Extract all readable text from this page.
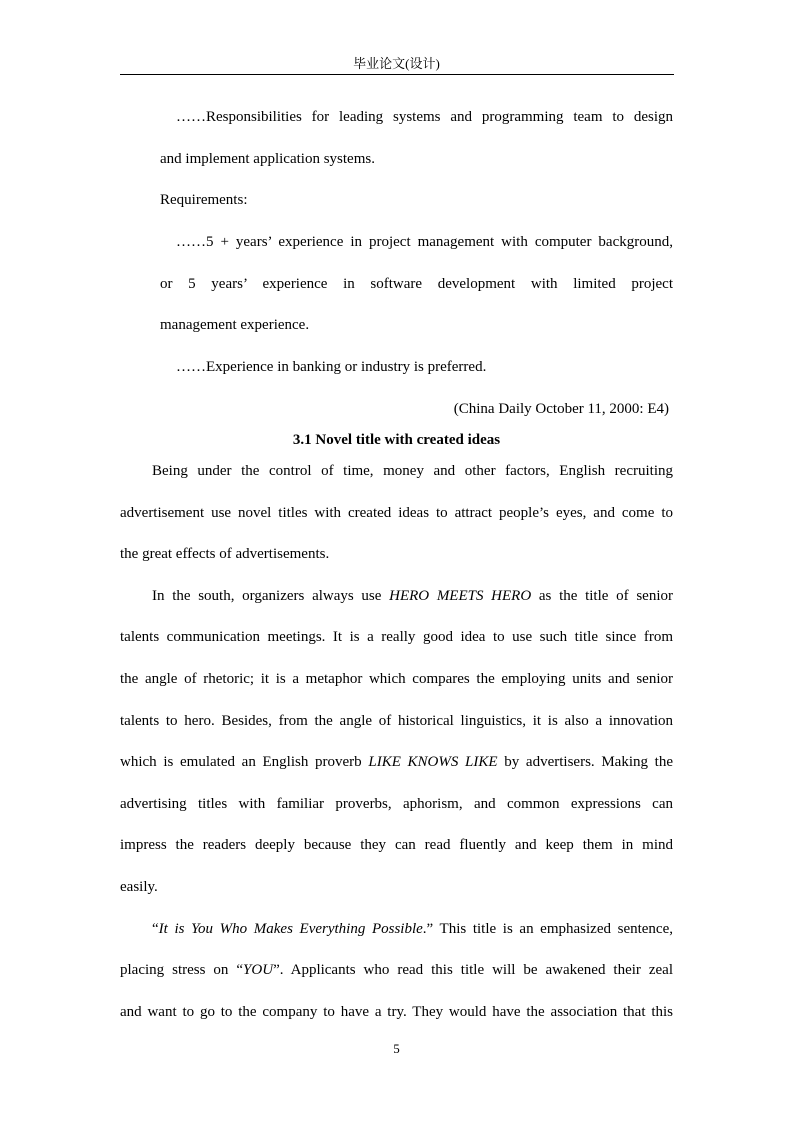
毕业论文(设计)
……Responsibilities for leading systems and programming team to design
and implement application systems.
Requirements:
……5 + years’ experience in project management with computer background,
or 5 years’ experience in software development with limited project
management experience.
……Experience in banking or industry is preferred.
(China Daily October 11, 2000: E4)
3.1 Novel title with created ideas
Being under the control of time, money and other factors, English recruiting
advertisement use novel titles with created ideas to attract people’s eyes, and come to
the great effects of advertisements.
In the south, organizers always use HERO MEETS HERO as the title of senior
talents communication meetings. It is a really good idea to use such title since from
the angle of rhetoric; it is a metaphor which compares the employing units and senior
talents to hero. Besides, from the angle of historical linguistics, it is also a innovation
which is emulated an English proverb LIKE KNOWS LIKE by advertisers. Making the
advertising titles with familiar proverbs, aphorism, and common expressions can
impress the readers deeply because they can read fluently and keep them in mind
easily.
“It is You Who Makes Everything Possible.” This title is an emphasized sentence,
placing stress on “YOU”. Applicants who read this title will be awakened their zeal
and want to go to the company to have a try. They would have the association that this
5
